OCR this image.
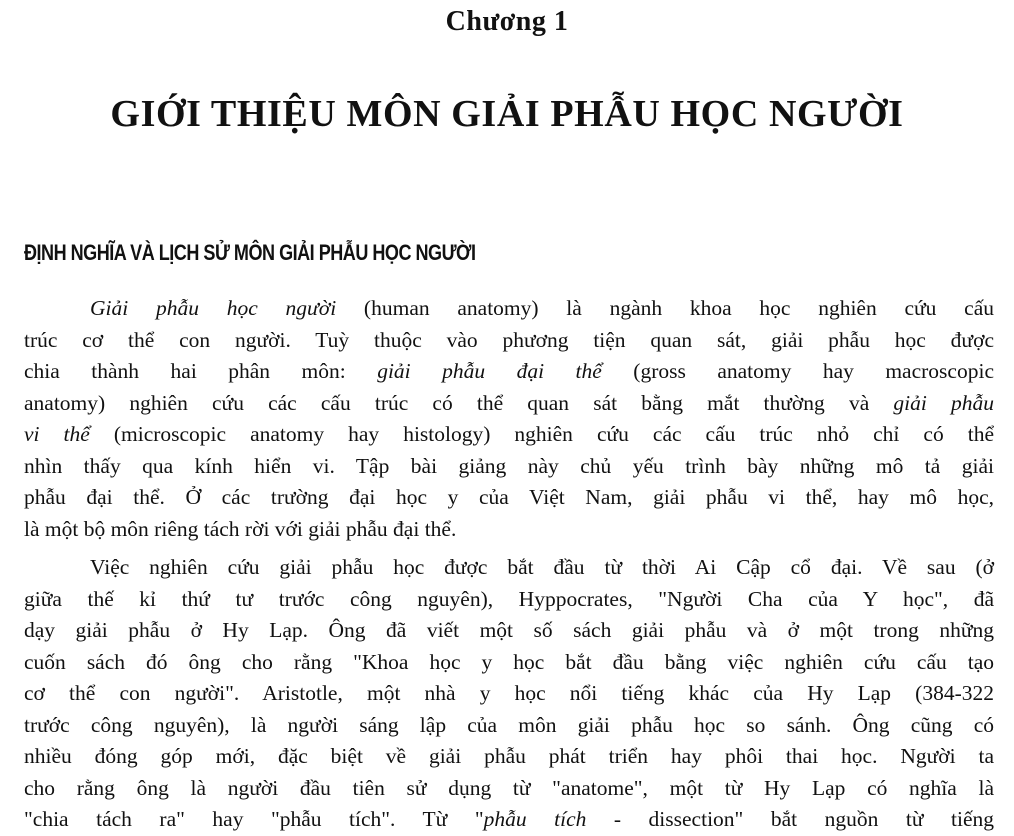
Chương 1
GIỚI THIỆU MÔN GIẢI PHẪU HỌC NGƯỜI
ĐỊNH NGHĨA VÀ LỊCH SỬ MÔN GIẢI PHẪU HỌC NGƯỜI
Giải phẫu học người (human anatomy) là ngành khoa học nghiên cứu cấu
trúc cơ thể con người. Tuỳ thuộc vào phương tiện quan sát, giải phẫu học được
chia thành hai phân môn: giải phẫu đại thể (gross anatomy hay macroscopic
anatomy) nghiên cứu các cấu trúc có thể quan sát bằng mắt thường và giải phẫu
vi thể (microscopic anatomy hay histology) nghiên cứu các cấu trúc nhỏ chỉ có thể
nhìn thấy qua kính hiển vi. Tập bài giảng này chủ yếu trình bày những mô tả giải
phẫu đại thể. Ở các trường đại học y của Việt Nam, giải phẫu vi thể, hay mô học,
là một bộ môn riêng tách rời với giải phẫu đại thể.
Việc nghiên cứu giải phẫu học được bắt đầu từ thời Ai Cập cổ đại. Về sau (ở
giữa thế kỉ thứ tư trước công nguyên), Hyppocrates, "Người Cha của Y học", đã
dạy giải phẫu ở Hy Lạp. Ông đã viết một số sách giải phẫu và ở một trong những
cuốn sách đó ông cho rằng "Khoa học y học bắt đầu bằng việc nghiên cứu cấu tạo
cơ thể con người". Aristotle, một nhà y học nổi tiếng khác của Hy Lạp (384-322
trước công nguyên), là người sáng lập của môn giải phẫu học so sánh. Ông cũng có
nhiều đóng góp mới, đặc biệt về giải phẫu phát triển hay phôi thai học. Người ta
cho rằng ông là người đầu tiên sử dụng từ "anatome", một từ Hy Lạp có nghĩa là
"chia tách ra" hay "phẫu tích". Từ "phẫu tích - dissection" bắt nguồn từ tiếng
